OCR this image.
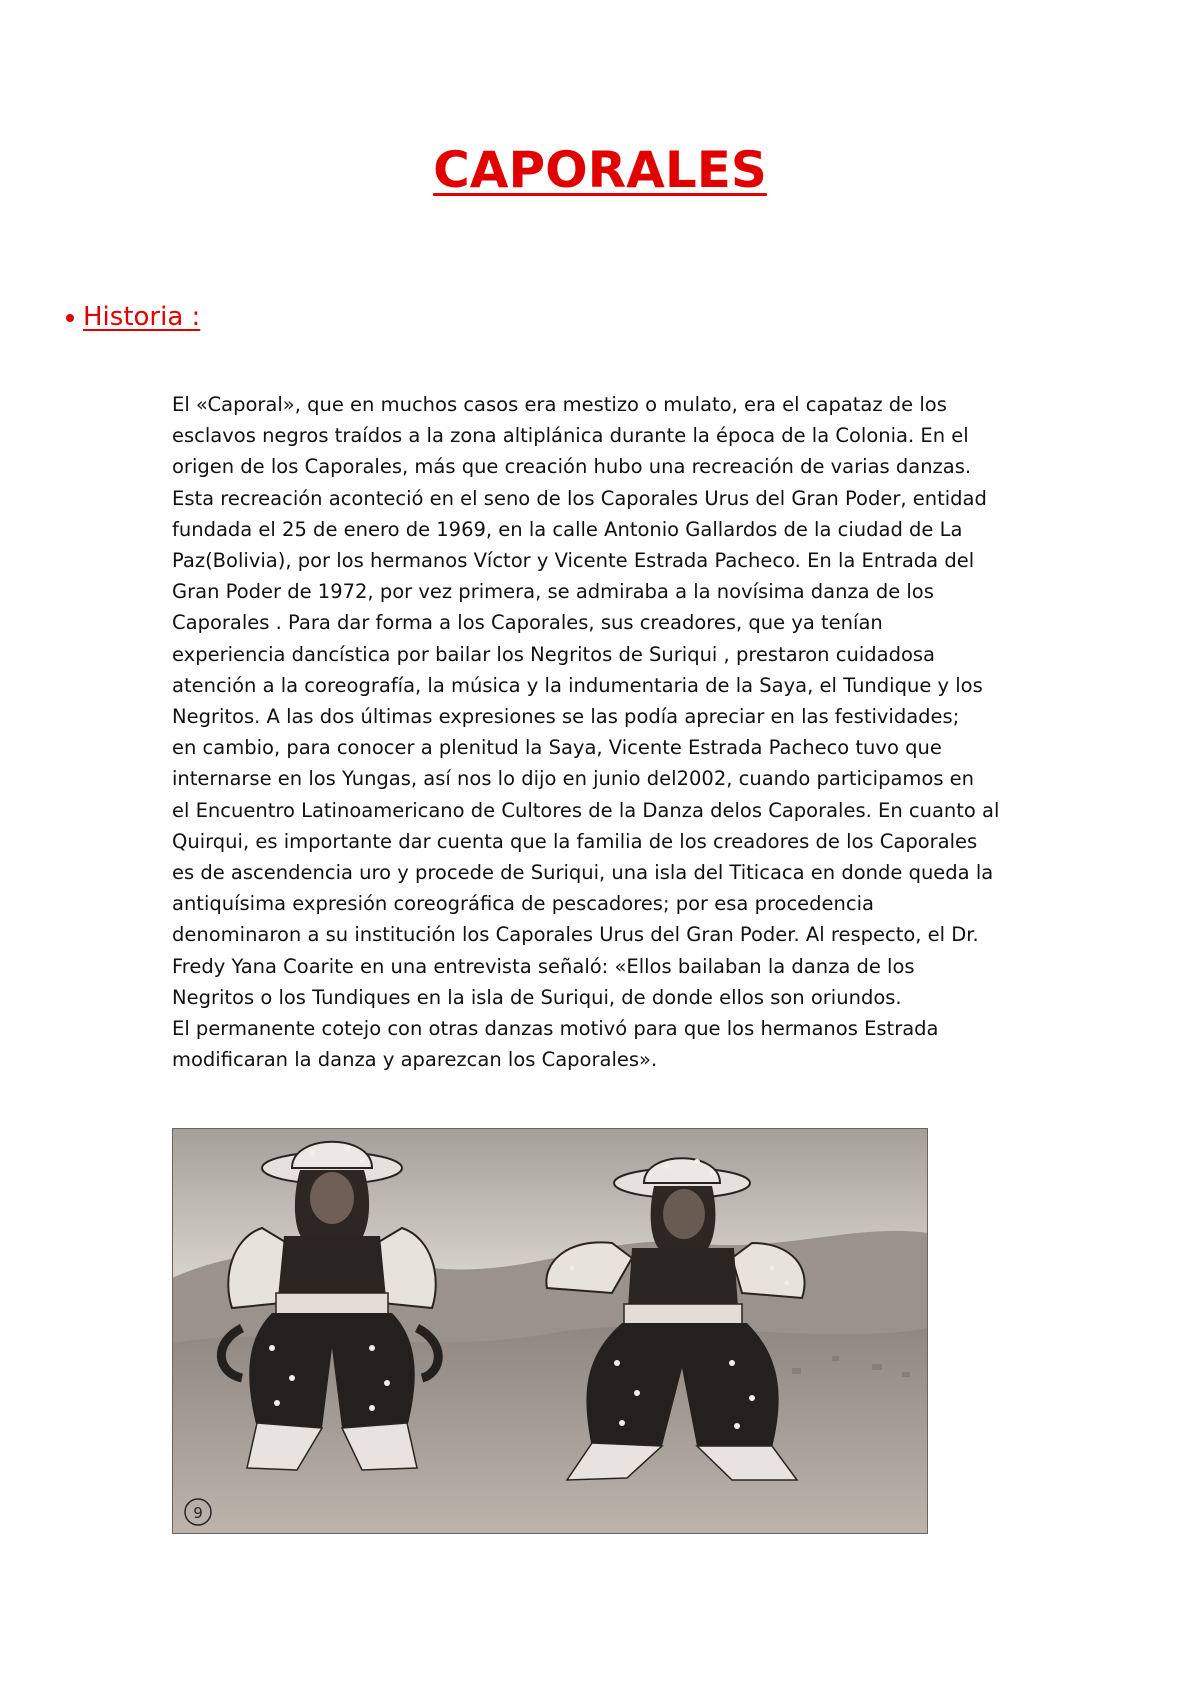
CAPORALES
Historia :

El «Caporal», que en muchos casos era mestizo o mulato, era el capataz de los

esclavos negros traídos a la zona altiplánica durante la época de la Colonia. En el

origen de los Caporales, más que creación hubo una recreación de varias danzas.

Esta recreación aconteció en el seno de los Caporales Urus del Gran Poder, entidad

fundada el 25 de enero de 1969, en la calle Antonio Gallardos de la ciudad de La

Paz(Bolivia), por los hermanos Víctor y Vicente Estrada Pacheco. En la Entrada del

Gran Poder de 1972, por vez primera, se admiraba a la novísima danza de los

Caporales . Para dar forma a los Caporales, sus creadores, que ya tenían

experiencia dancística por bailar los Negritos de Suriqui , prestaron cuidadosa

atención a la coreografía, la música y la indumentaria de la Saya, el Tundique y los

Negritos. A las dos últimas expresiones se las podía apreciar en las festividades;

en cambio, para conocer a plenitud la Saya, Vicente Estrada Pacheco tuvo que

internarse en los Yungas, así nos lo dijo en junio del2002, cuando participamos en

el Encuentro Latinoamericano de Cultores de la Danza delos Caporales. En cuanto al

Quirqui, es importante dar cuenta que la familia de los creadores de los Caporales

es de ascendencia uro y procede de Suriqui, una isla del Titicaca en donde queda la

antiquísima expresión coreográfica de pescadores; por esa procedencia

denominaron a su institución los Caporales Urus del Gran Poder. Al respecto, el Dr.

Fredy Yana Coarite en una entrevista señaló: «Ellos bailaban la danza de los

Negritos o los Tundiques en la isla de Suriqui, de donde ellos son oriundos.

El permanente cotejo con otras danzas motivó para que los hermanos Estrada

modificaran la danza y aparezcan los Caporales».

9
